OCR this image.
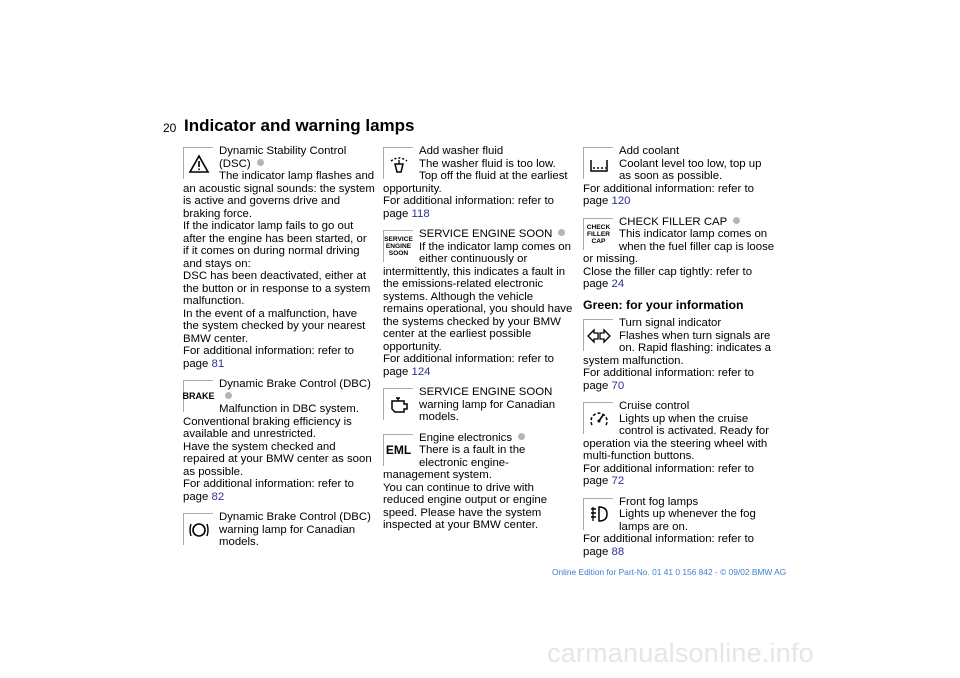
20 Indicator and warning lamps
Dynamic Stability Control (DSC)

The indicator lamp flashes and an acoustic signal sounds: the system is active and governs drive and braking force.

If the indicator lamp fails to go out after the engine has been started, or if it comes on during normal driving and stays on:

DSC has been deactivated, either at the button or in response to a system malfunction.

In the event of a malfunction, have the system checked by your nearest BMW center.

For additional information: refer to page 81

BRAKE
Dynamic Brake Control (DBC)

Malfunction in DBC system. Conventional braking efficiency is available and unrestricted.

Have the system checked and repaired at your BMW center as soon as possible.

For additional information: refer to page 82

Dynamic Brake Control (DBC) warning lamp for Canadian models.
Add washer fluid

The washer fluid is too low. Top off the fluid at the earliest opportunity.

For additional information: refer to page 118

SERVICE
ENGINE
SOON
SERVICE ENGINE SOON

If the indicator lamp comes on either continuously or intermittently, this indicates a fault in the emissions-related electronic systems. Although the vehicle remains operational, you should have the systems checked by your BMW center at the earliest possible opportunity.

For additional information: refer to page 124

SERVICE ENGINE SOON warning lamp for Canadian models.
EML
Engine electronics

There is a fault in the electronic engine-management system.

You can continue to drive with reduced engine output or engine speed. Please have the system inspected at your BMW center.

Add coolant

Coolant level too low, top up as soon as possible.

For additional information: refer to page 120

CHECK
FILLER
CAP
CHECK FILLER CAP

This indicator lamp comes on when the fuel filler cap is loose or missing.

Close the filler cap tightly: refer to page 24

Green: for your information
Turn signal indicator

Flashes when turn signals are on. Rapid flashing: indicates a system malfunction.

For additional information: refer to page 70

Cruise control

Lights up when the cruise control is activated. Ready for operation via the steering wheel with multi-function buttons.

For additional information: refer to page 72

Front fog lamps

Lights up whenever the fog lamps are on.

For additional information: refer to page 88

Online Edition for Part-No. 01 41 0 156 842 - © 09/02 BMW AG
carmanualsonline.info
